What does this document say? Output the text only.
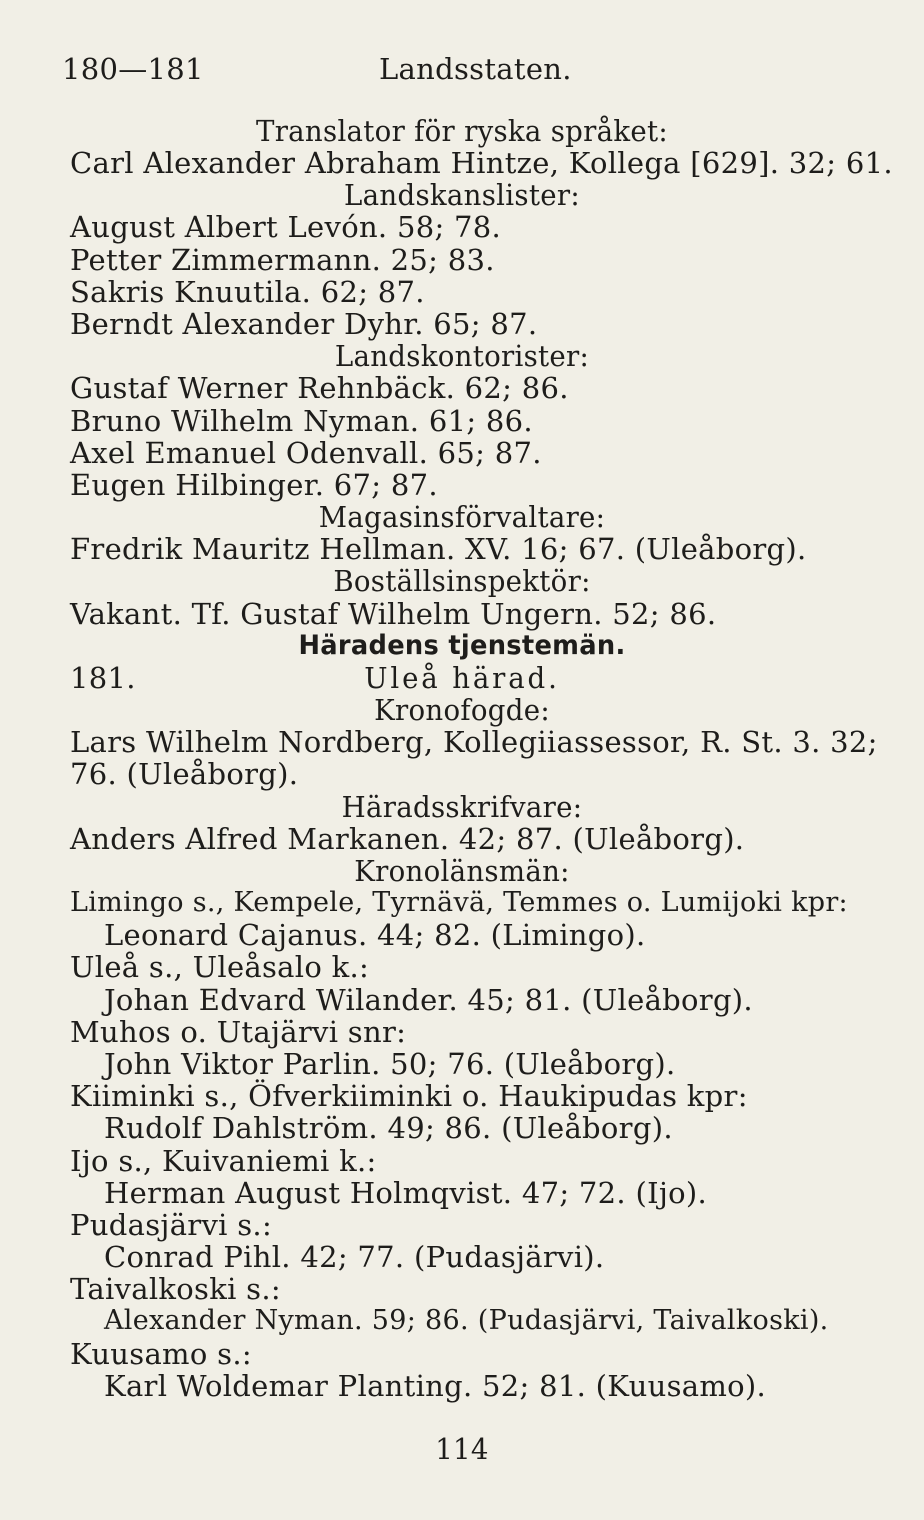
180—181	Landsstaten.
Translator för ryska språket:
Carl Alexander Abraham Hintze, Kollega [629]. 32; 61.
Landskanslister:
August Albert Levón. 58; 78.
Petter Zimmermann. 25; 83.
Sakris Knuutila. 62; 87.
Berndt Alexander Dyhr. 65; 87.
Landskontorister:
Gustaf Werner Rehnbäck. 62; 86.
Bruno Wilhelm Nyman. 61; 86.
Axel Emanuel Odenvall. 65; 87.
Eugen Hilbinger. 67; 87.
Magasinsförvaltare:
Fredrik Mauritz Hellman. XV. 16; 67. (Uleåborg).
Boställsinspektör:
Vakant. Tf. Gustaf Wilhelm Ungern. 52; 86.
Häradens tjenstemän.
181.	Uleå härad.
Kronofogde:
Lars Wilhelm Nordberg, Kollegiiassessor, R. St. 3. 32;
76. (Uleåborg).
Häradsskrifvare:
Anders Alfred Markanen. 42; 87. (Uleåborg).
Kronolänsmän:
Limingo s., Kempele, Tyrnävä, Temmes o. Lumijoki kpr:
Leonard Cajanus. 44; 82. (Limingo).
Uleå s., Uleåsalo k.:
Johan Edvard Wilander. 45; 81. (Uleåborg).
Muhos o. Utajärvi snr:
John Viktor Parlin. 50; 76. (Uleåborg).
Kiiminki s., Öfverkiiminki o. Haukipudas kpr:
Rudolf Dahlström. 49; 86. (Uleåborg).
Ijo s., Kuivaniemi k.:
Herman August Holmqvist. 47; 72. (Ijo).
Pudasjärvi s.:
Conrad Pihl. 42; 77. (Pudasjärvi).
Taivalkoski s.:
Alexander Nyman. 59; 86. (Pudasjärvi, Taivalkoski).
Kuusamo s.:
Karl Woldemar Planting. 52; 81. (Kuusamo).
114
